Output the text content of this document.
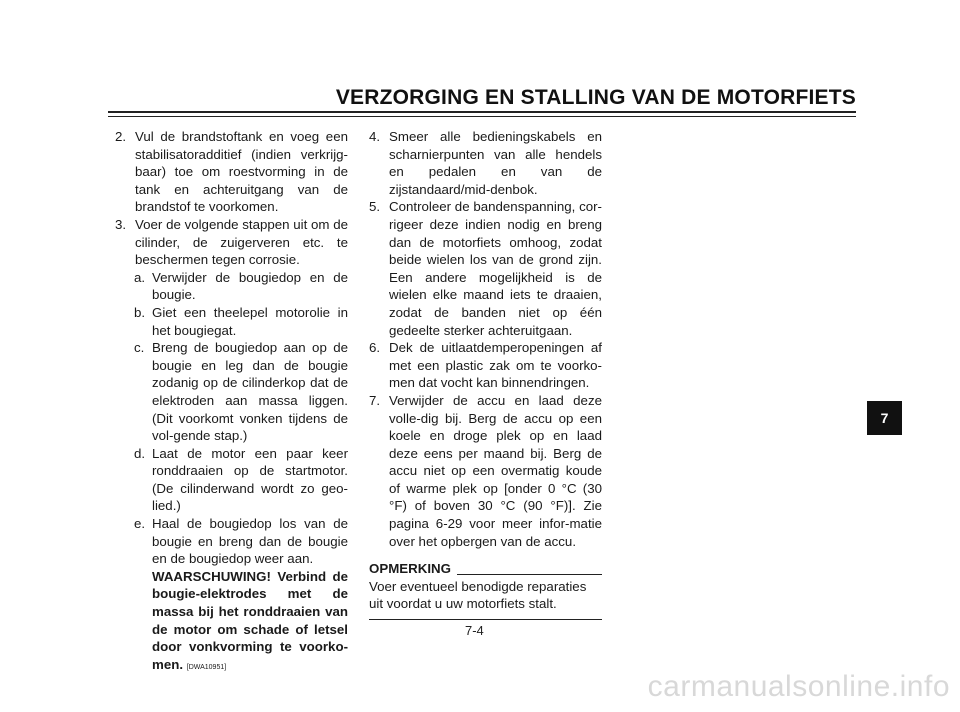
VERZORGING EN STALLING VAN DE MOTORFIETS
2. Vul de brandstoftank en voeg een stabilisatoradditief (indien verkrijg-baar) toe om roestvorming in de tank en achteruitgang van de brandstof te voorkomen.
3. Voer de volgende stappen uit om de cilinder, de zuigerveren etc. te beschermen tegen corrosie.
a. Verwijder de bougiedop en de bougie.
b. Giet een theelepel motorolie in het bougiegat.
c. Breng de bougiedop aan op de bougie en leg dan de bougie zodanig op de cilinderkop dat de elektroden aan massa liggen. (Dit voorkomt vonken tijdens de vol-gende stap.)
d. Laat de motor een paar keer ronddraaien op de startmotor. (De cilinderwand wordt zo geo-lied.)
e. Haal de bougiedop los van de bougie en breng dan de bougie en de bougiedop weer aan.
WAARSCHUWING! Verbind de bougie-elektrodes met de massa bij het ronddraaien van de motor om schade of letsel door vonkvorming te voorko-men. [DWA10951]
4. Smeer alle bedieningskabels en scharnierpunten van alle hendels en pedalen en van de zijstandaard/mid-denbok.
5. Controleer de bandenspanning, cor-rigeer deze indien nodig en breng dan de motorfiets omhoog, zodat beide wielen los van de grond zijn. Een andere mogelijkheid is de wielen elke maand iets te draaien, zodat de banden niet op één gedeelte sterker achteruitgaan.
6. Dek de uitlaatdemperopeningen af met een plastic zak om te voorko-men dat vocht kan binnendringen.
7. Verwijder de accu en laad deze volle-dig bij. Berg de accu op een koele en droge plek op en laad deze eens per maand bij. Berg de accu niet op een overmatig koude of warme plek op [onder 0 °C (30 °F) of boven 30 °C (90 °F)]. Zie pagina 6-29 voor meer infor-matie over het opbergen van de accu.
OPMERKING
Voer eventueel benodigde reparaties uit voordat u uw motorfiets stalt.
7-4
7
carmanualsonline.info
